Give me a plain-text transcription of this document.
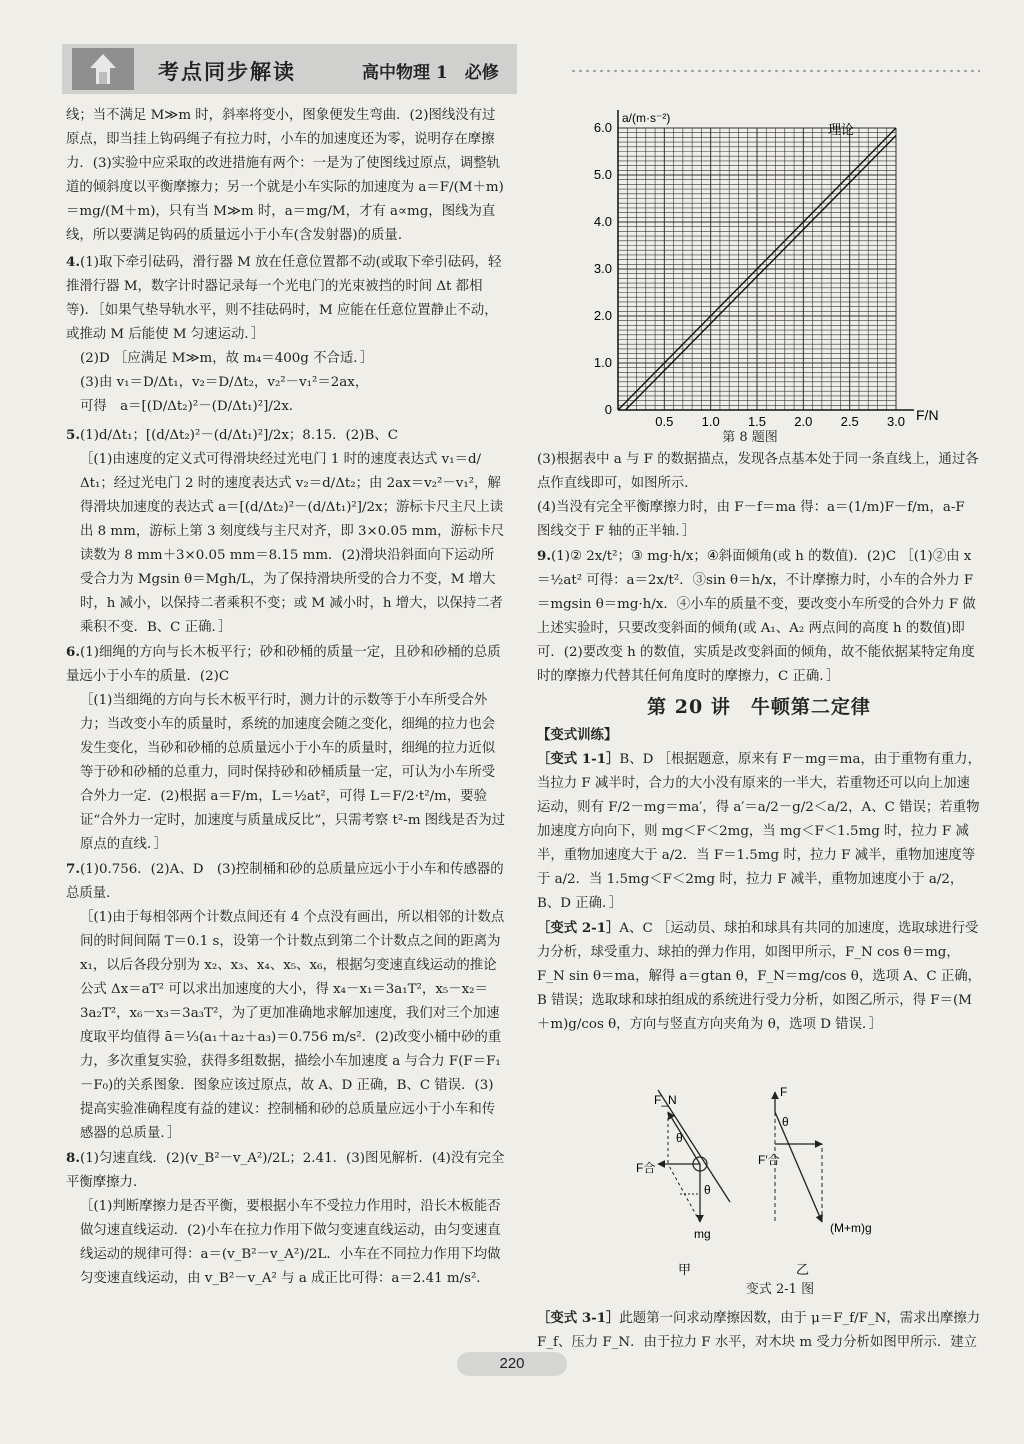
考点同步解读	高中物理 1　必修

线；当不满足 M≫m 时，斜率将变小，图象便发生弯曲．(2)图线没有过原点，即当挂上钩码绳子有拉力时，小车的加速度还为零，说明存在摩擦力．(3)实验中应采取的改进措施有两个：一是为了使图线过原点，调整轨道的倾斜度以平衡摩擦力；另一个就是小车实际的加速度为 a＝F/(M＋m)＝mg/(M＋m)，只有当 M≫m 时，a＝mg/M，才有 a∝mg，图线为直线，所以要满足钩码的质量远小于小车(含发射器)的质量．

4.(1)取下牵引砝码，滑行器 M 放在任意位置都不动(或取下牵引砝码，轻推滑行器 M，数字计时器记录每一个光电门的光束被挡的时间 Δt 都相等)．［如果气垫导轨水平，则不挂砝码时，M 应能在任意位置静止不动，或推动 M 后能使 M 匀速运动．］

(2)D ［应满足 M≫m，故 m₄＝400g 不合适．］

(3)由 v₁＝D/Δt₁，v₂＝D/Δt₂，v₂²－v₁²＝2ax，

可得　a＝[(D/Δt₂)²－(D/Δt₁)²]/2x．

5.(1)d/Δt₁；[(d/Δt₂)²－(d/Δt₁)²]/2x；8.15．(2)B、C

［(1)由速度的定义式可得滑块经过光电门 1 时的速度表达式 v₁＝d/Δt₁；经过光电门 2 时的速度表达式 v₂＝d/Δt₂；由 2ax＝v₂²－v₁²，解得滑块加速度的表达式 a＝[(d/Δt₂)²－(d/Δt₁)²]/2x；游标卡尺主尺上读出 8 mm，游标上第 3 刻度线与主尺对齐，即 3×0.05 mm，游标卡尺读数为 8 mm＋3×0.05 mm＝8.15 mm．(2)滑块沿斜面向下运动所受合力为 Mgsin θ＝Mgh/L，为了保持滑块所受的合力不变，M 增大时，h 减小，以保持二者乘积不变；或 M 减小时，h 增大，以保持二者乘积不变．B、C 正确．］

6.(1)细绳的方向与长木板平行；砂和砂桶的质量一定，且砂和砂桶的总质量远小于小车的质量．(2)C

［(1)当细绳的方向与长木板平行时，测力计的示数等于小车所受合外力；当改变小车的质量时，系统的加速度会随之变化，细绳的拉力也会发生变化，当砂和砂桶的总质量远小于小车的质量时，细绳的拉力近似等于砂和砂桶的总重力，同时保持砂和砂桶质量一定，可认为小车所受合外力一定．(2)根据 a＝F/m，L＝½at²，可得 L＝F/2·t²/m，要验证“合外力一定时，加速度与质量成反比”，只需考察 t²-m 图线是否为过原点的直线．］

7.(1)0.756．(2)A、D　(3)控制桶和砂的总质量应远小于小车和传感器的总质量．

［(1)由于每相邻两个计数点间还有 4 个点没有画出，所以相邻的计数点间的时间间隔 T＝0.1 s，设第一个计数点到第二个计数点之间的距离为 x₁，以后各段分别为 x₂、x₃、x₄、x₅、x₆，根据匀变速直线运动的推论公式 Δx＝aT² 可以求出加速度的大小，得 x₄－x₁＝3a₁T²，x₅－x₂＝3a₂T²，x₆－x₃＝3a₃T²，为了更加准确地求解加速度，我们对三个加速度取平均值得 ā＝⅓(a₁＋a₂＋a₃)＝0.756 m/s²．(2)改变小桶中砂的重力，多次重复实验，获得多组数据，描绘小车加速度 a 与合力 F(F＝F₁－F₀)的关系图象．图象应该过原点，故 A、D 正确，B、C 错误．(3)提高实验准确程度有益的建议：控制桶和砂的总质量应远小于小车和传感器的总质量．］

8.(1)匀速直线．(2)(v_B²－v_A²)/2L；2.41．(3)图见解析．(4)没有完全平衡摩擦力．

［(1)判断摩擦力是否平衡，要根据小车不受拉力作用时，沿长木板能否做匀速直线运动．(2)小车在拉力作用下做匀变速直线运动，由匀变速直线运动的规律可得：a＝(v_B²－v_A²)/2L．小车在不同拉力作用下均做匀变速直线运动，由 v_B²－v_A² 与 a 成正比可得：a＝2.41 m/s²．

0.5 1.0 1.5 2.0 2.5 3.0
0
1.0
2.0
3.0
4.0
5.0
6.0
a/(m·s⁻²)
F/N
理论
第 8 题图

(3)根据表中 a 与 F 的数据描点，发现各点基本处于同一条直线上，通过各点作直线即可，如图所示．

(4)当没有完全平衡摩擦力时，由 F－f＝ma 得：a＝(1/m)F－f/m，a-F 图线交于 F 轴的正半轴．］

9.(1)② 2x/t²；③ mg·h/x；④斜面倾角(或 h 的数值)．(2)C ［(1)②由 x＝½at² 可得：a＝2x/t²．③sin θ＝h/x，不计摩擦力时，小车的合外力 F＝mgsin θ＝mg·h/x．④小车的质量不变，要改变小车所受的合外力 F 做上述实验时，只要改变斜面的倾角(或 A₁、A₂ 两点间的高度 h 的数值)即可．(2)要改变 h 的数值，实质是改变斜面的倾角，故不能依据某特定角度时的摩擦力代替其任何角度时的摩擦力，C 正确．］

第 20 讲　牛顿第二定律

【变式训练】

［变式 1-1］B、D ［根据题意，原来有 F－mg＝ma，由于重物有重力，当拉力 F 减半时，合力的大小没有原来的一半大，若重物还可以向上加速运动，则有 F/2－mg＝ma′，得 a′＝a/2－g/2＜a/2，A、C 错误；若重物加速度方向向下，则 mg＜F＜2mg，当 mg＜F＜1.5mg 时，拉力 F 减半，重物加速度大于 a/2．当 F＝1.5mg 时，拉力 F 减半，重物加速度等于 a/2．当 1.5mg＜F＜2mg 时，拉力 F 减半，重物加速度小于 a/2，B、D 正确．］

［变式 2-1］A、C ［运动员、球拍和球具有共同的加速度，选取球进行受力分析，球受重力、球拍的弹力作用，如图甲所示，F_N cos θ＝mg，F_N sin θ＝ma，解得 a＝gtan θ，F_N＝mg/cos θ，选项 A、C 正确，B 错误；选取球和球拍组成的系统进行受力分析，如图乙所示，得 F＝(M＋m)g/cos θ，方向与竖直方向夹角为 θ，选项 D 错误．］

F_N
θ
F合
θ
mg
甲
F
θ
F′合
(M+m)g
乙
变式 2-1 图

［变式 3-1］此题第一问求动摩擦因数，由于 μ＝F_f/F_N，需求出摩擦力 F_f、压力 F_N．由于拉力 F 水平，对木块 m 受力分析如图甲所示．建立

220
